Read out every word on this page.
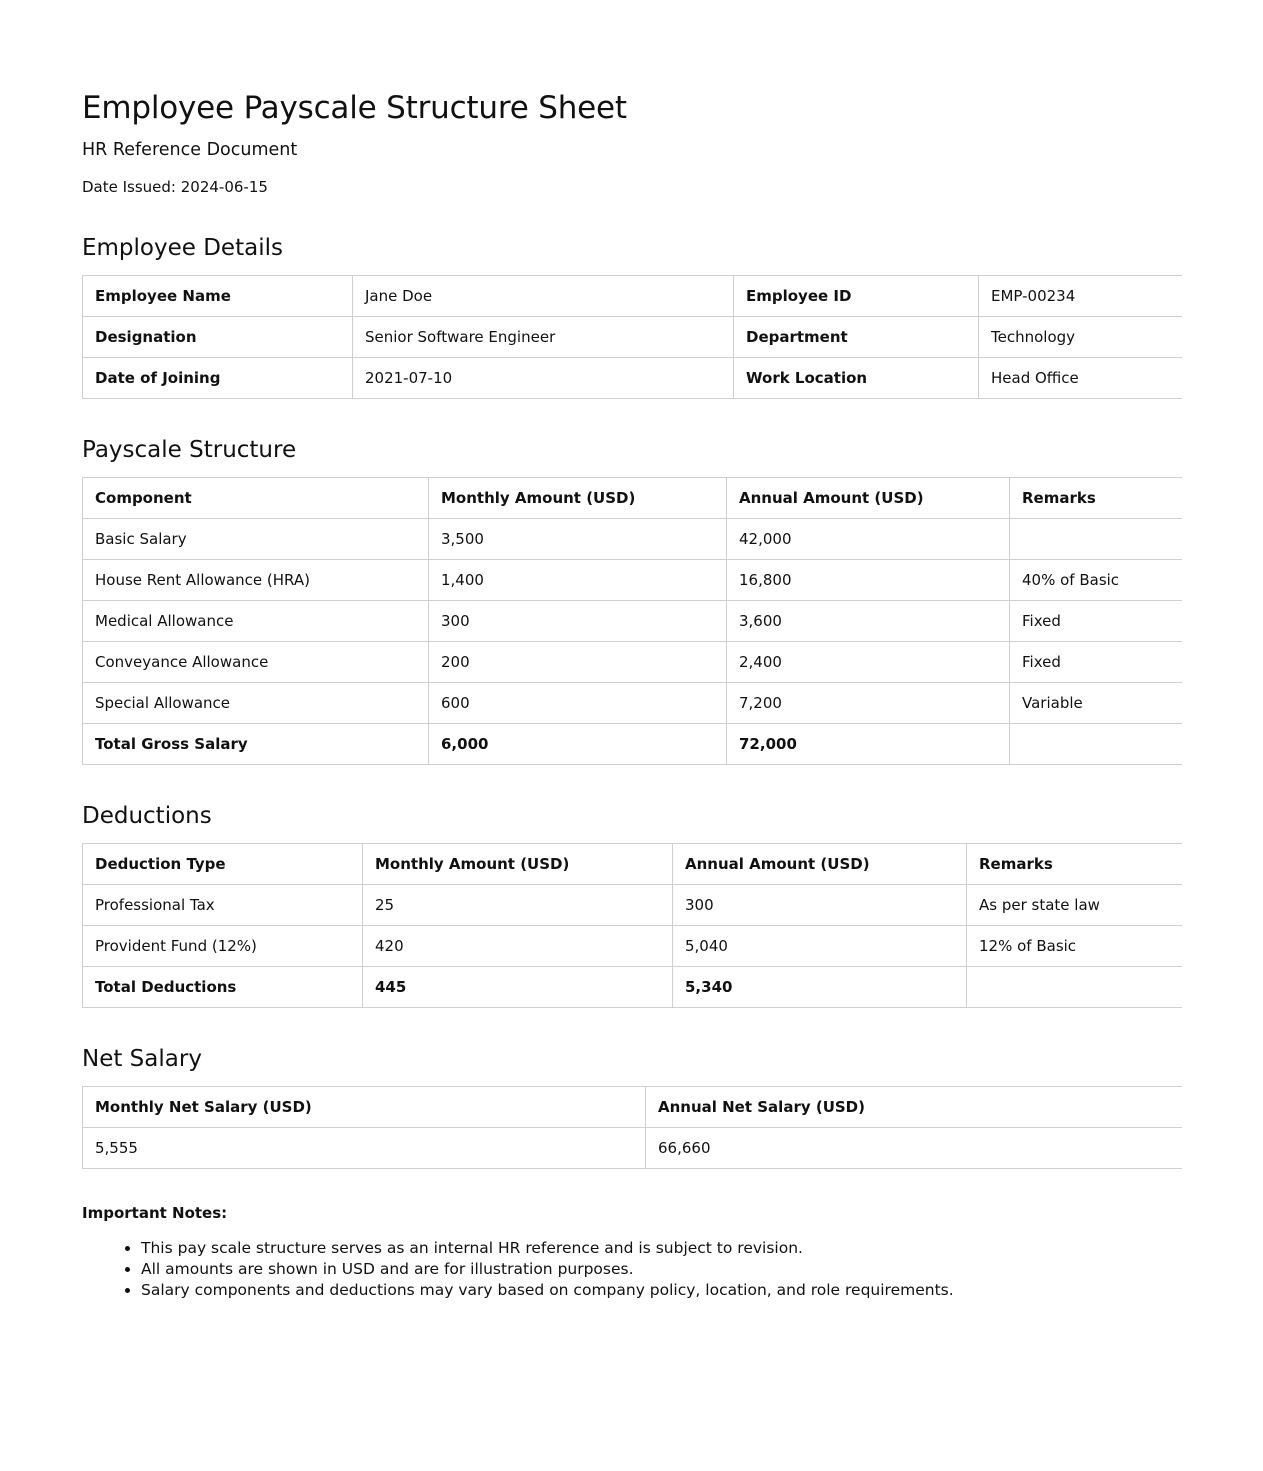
Employee Payscale Structure Sheet
HR Reference Document
Date Issued: 2024-06-15
Employee Details
Employee Name	Jane Doe	Employee ID	EMP-00234
Designation	Senior Software Engineer	Department	Technology
Date of Joining	2021-07-10	Work Location	Head Office
Payscale Structure
Component	Monthly Amount (USD)	Annual Amount (USD)	Remarks
Basic Salary	3,500	42,000	
House Rent Allowance (HRA)	1,400	16,800	40% of Basic
Medical Allowance	300	3,600	Fixed
Conveyance Allowance	200	2,400	Fixed
Special Allowance	600	7,200	Variable
Total Gross Salary	6,000	72,000	
Deductions
Deduction Type	Monthly Amount (USD)	Annual Amount (USD)	Remarks
Professional Tax	25	300	As per state law
Provident Fund (12%)	420	5,040	12% of Basic
Total Deductions	445	5,340	
Net Salary
Monthly Net Salary (USD)	Annual Net Salary (USD)
5,555	66,660
Important Notes:
• This pay scale structure serves as an internal HR reference and is subject to revision.
• All amounts are shown in USD and are for illustration purposes.
• Salary components and deductions may vary based on company policy, location, and role requirements.
